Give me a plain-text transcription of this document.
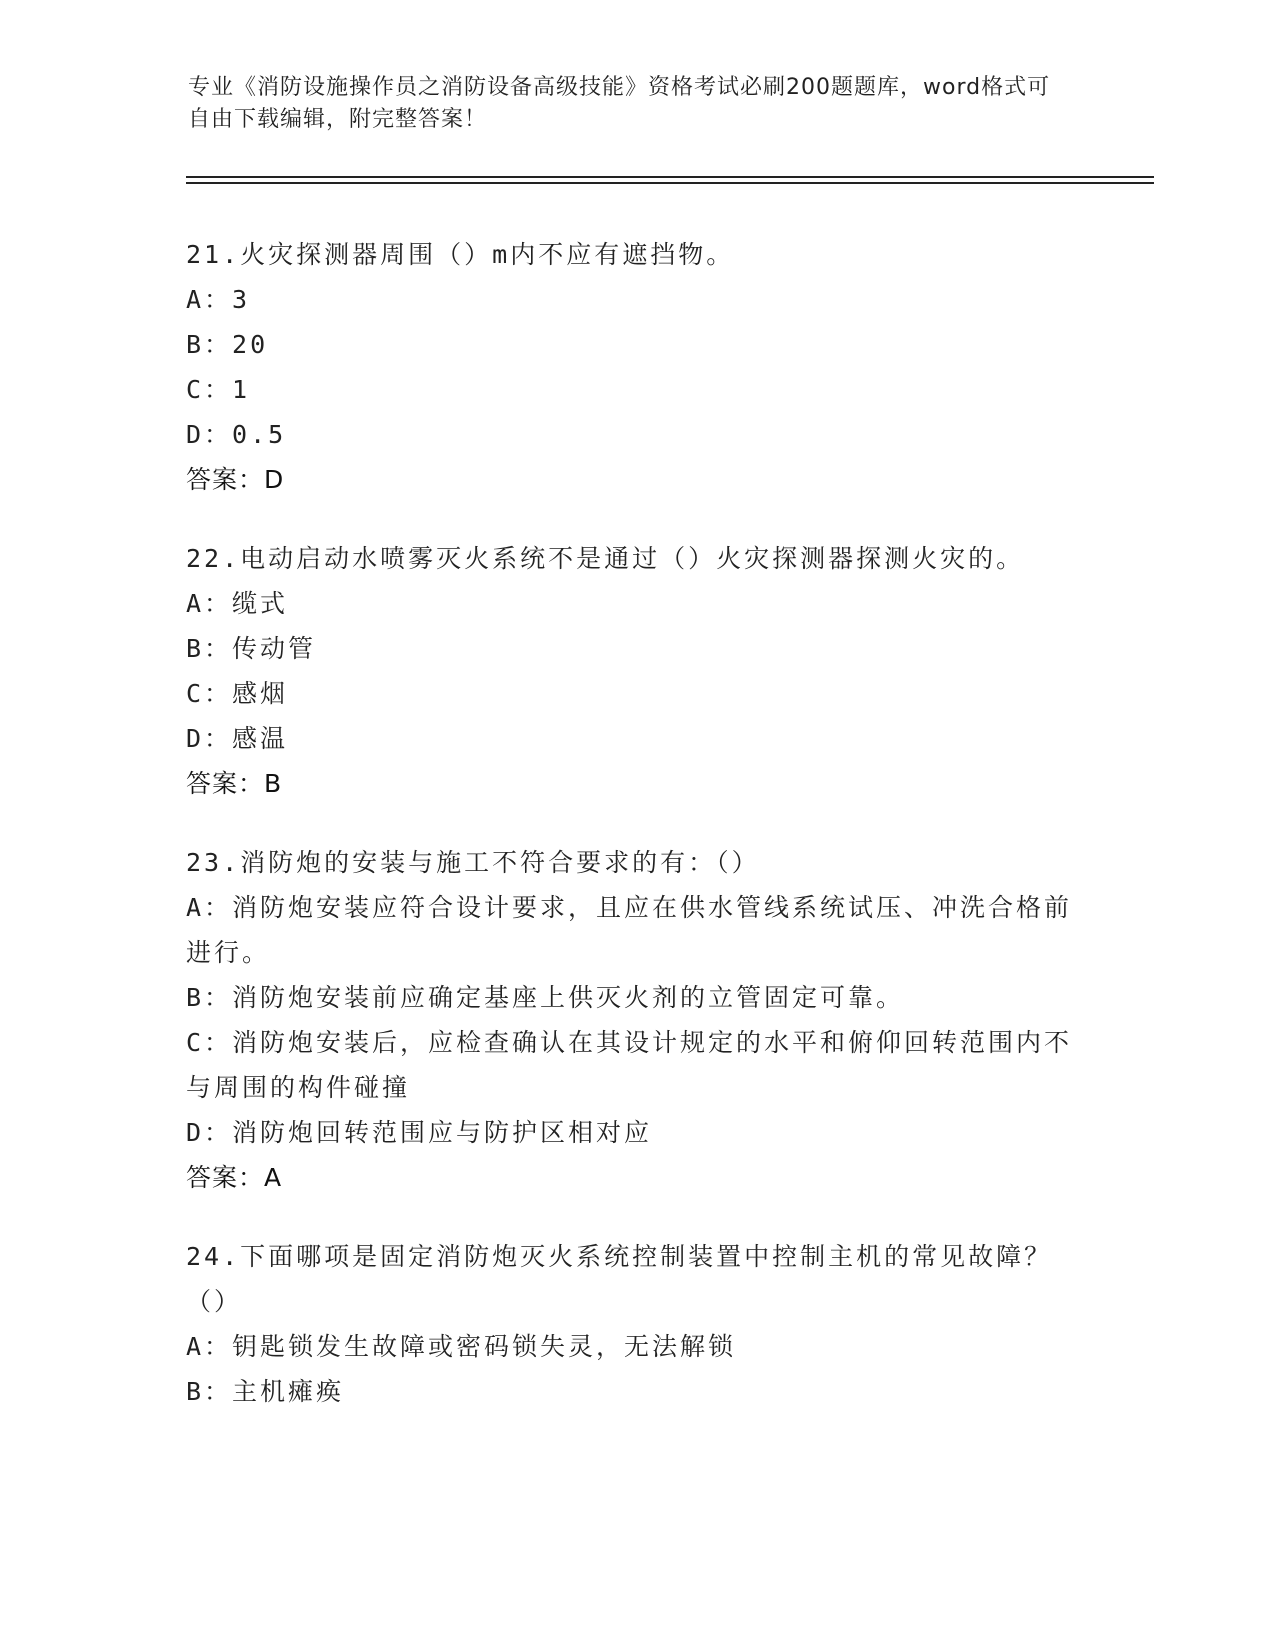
专业《消防设施操作员之消防设备高级技能》资格考试必刷200题题库，word格式可自由下载编辑，附完整答案！
21.火灾探测器周围（）m内不应有遮挡物。
A：3
B：20
C：1
D：0.5
答案：D
22.电动启动水喷雾灭火系统不是通过（）火灾探测器探测火灾的。
A：缆式
B：传动管
C：感烟
D：感温
答案：B
23.消防炮的安装与施工不符合要求的有：（）
A：消防炮安装应符合设计要求，且应在供水管线系统试压、冲洗合格前进行。
B：消防炮安装前应确定基座上供灭火剂的立管固定可靠。
C：消防炮安装后，应检查确认在其设计规定的水平和俯仰回转范围内不与周围的构件碰撞
D：消防炮回转范围应与防护区相对应
答案：A
24.下面哪项是固定消防炮灭火系统控制装置中控制主机的常见故障？（）
A：钥匙锁发生故障或密码锁失灵，无法解锁
B：主机瘫痪
